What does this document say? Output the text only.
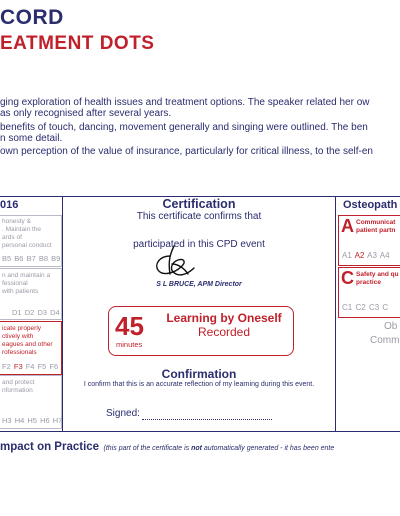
CORD
EATMENT DOTS
ging exploration of health issues and treatment options. The speaker related her ow
as only recognised after several years.
benefits of touch, dancing, movement generally and singing were outlined. The ben
n some detail.
own perception of the value of insurance, particularly for critical illness, to the self-en
016
honesty &
. Maintain the
ards of
personal conduct
B5 B6 B7 B8 B9
n and maintain a
fessional
with patients
D1 D2 D3 D4
icate properly
ctively with
eagues and other
rofessionals
F2 F3 F4 F5 F6
and protect
nformation
H3 H4 H5 H6 H7
Certification
This certificate confirms that
participated in this CPD event
S L BRUCE, APM Director
45
minutes
Learning by Oneself
Recorded
Confirmation
I confirm that this is an accurate reflection of my learning during this event.
Signed:
Osteopath
A Communicat
patient partn
A1 A2 A3 A4
C Safety and qu
practice
C1 C2 C3 C
Ob
Comm
mpact on Practice (this part of the certificate is not automatically generated - it has been ente
